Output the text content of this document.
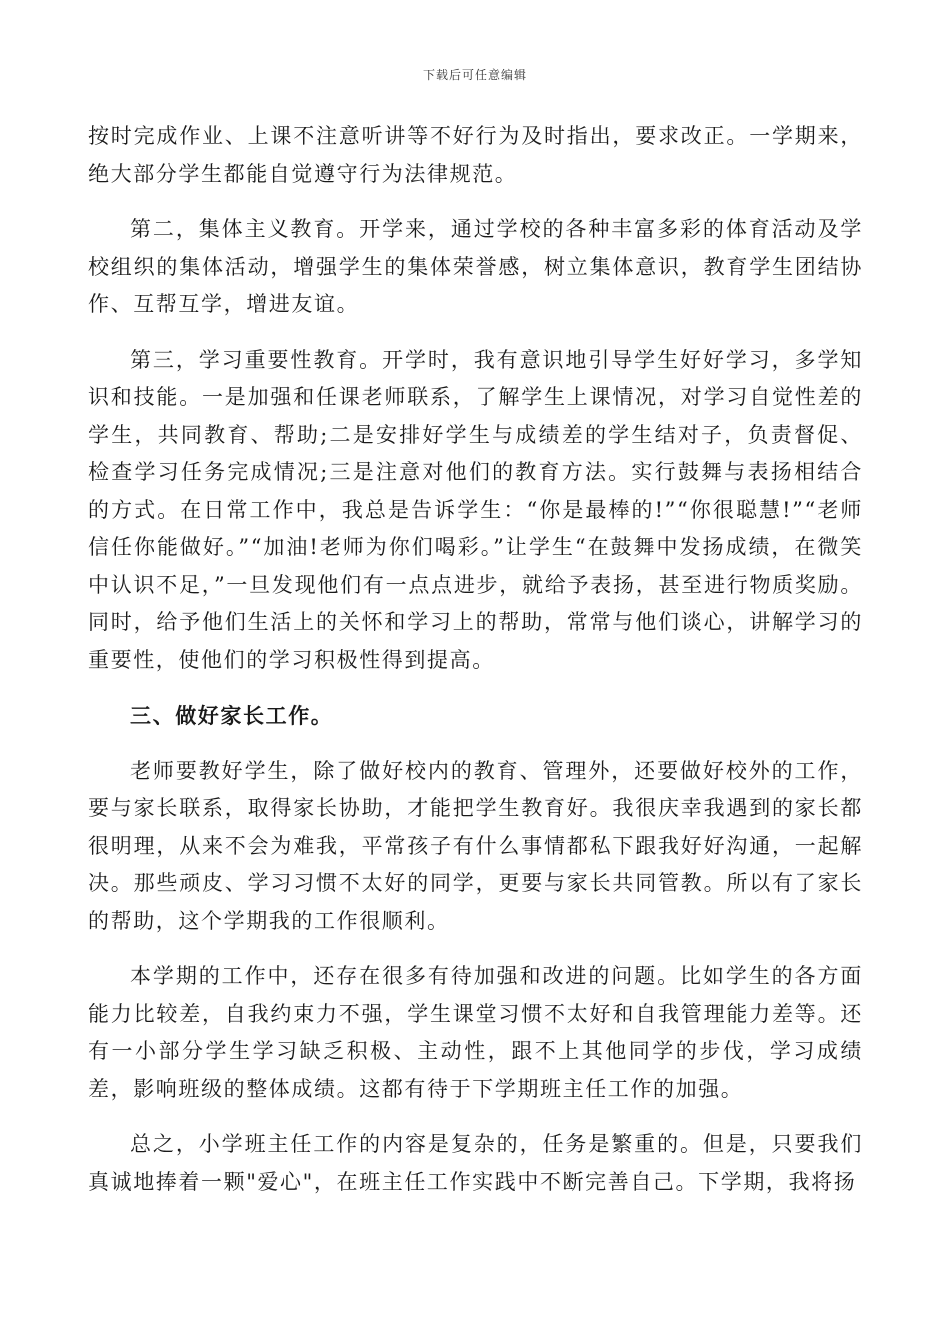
下载后可任意编辑

按时完成作业、上课不注意听讲等不好行为及时指出，要求改正。一学期来，绝大部分学生都能自觉遵守行为法律规范。

第二，集体主义教育。开学来，通过学校的各种丰富多彩的体育活动及学校组织的集体活动，增强学生的集体荣誉感，树立集体意识，教育学生团结协作、互帮互学，增进友谊。

第三，学习重要性教育。开学时，我有意识地引导学生好好学习，多学知识和技能。一是加强和任课老师联系，了解学生上课情况，对学习自觉性差的学生，共同教育、帮助;二是安排好学生与成绩差的学生结对子，负责督促、检查学习任务完成情况;三是注意对他们的教育方法。实行鼓舞与表扬相结合的方式。在日常工作中，我总是告诉学生：“你是最棒的!”“你很聪慧!”“老师信任你能做好。”“加油!老师为你们喝彩。”让学生“在鼓舞中发扬成绩，在微笑中认识不足，”一旦发现他们有一点点进步，就给予表扬，甚至进行物质奖励。同时，给予他们生活上的关怀和学习上的帮助，常常与他们谈心，讲解学习的重要性，使他们的学习积极性得到提高。

三、做好家长工作。

老师要教好学生，除了做好校内的教育、管理外，还要做好校外的工作，要与家长联系，取得家长协助，才能把学生教育好。我很庆幸我遇到的家长都很明理，从来不会为难我，平常孩子有什么事情都私下跟我好好沟通，一起解决。那些顽皮、学习习惯不太好的同学，更要与家长共同管教。所以有了家长的帮助，这个学期我的工作很顺利。

本学期的工作中，还存在很多有待加强和改进的问题。比如学生的各方面能力比较差，自我约束力不强，学生课堂习惯不太好和自我管理能力差等。还有一小部分学生学习缺乏积极、主动性，跟不上其他同学的步伐，学习成绩差，影响班级的整体成绩。这都有待于下学期班主任工作的加强。

总之，小学班主任工作的内容是复杂的，任务是繁重的。但是，只要我们真诚地捧着一颗"爱心"，在班主任工作实践中不断完善自己。下学期，我将扬
